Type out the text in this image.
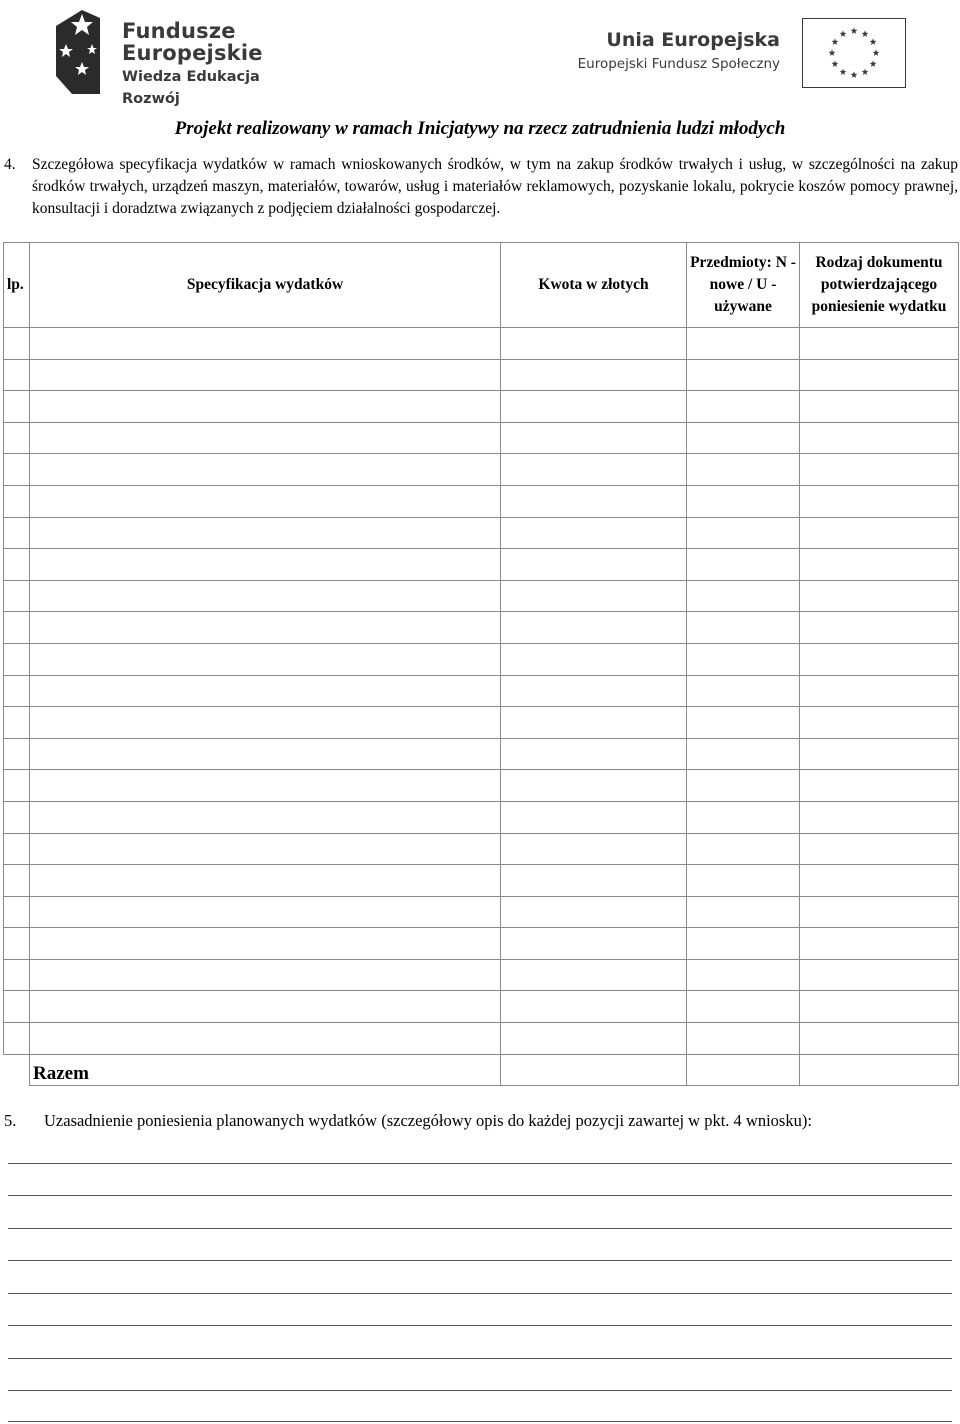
Fundusze
Europejskie
Wiedza Edukacja Rozwój
Unia Europejska
Europejski Fundusz Społeczny
Projekt realizowany w ramach Inicjatywy na rzecz zatrudnienia ludzi młodych
4. Szczegółowa specyfikacja wydatków w ramach wnioskowanych środków, w tym na zakup środków trwałych i usług, w szczególności na zakup środków trwałych, urządzeń maszyn, materiałów, towarów, usług i materiałów reklamowych, pozyskanie lokalu, pokrycie koszów pomocy prawnej, konsultacji i doradztwa związanych z podjęciem działalności gospodarczej.
lp.	Specyfikacja wydatków	Kwota w złotych	Przedmioty: N - nowe / U - używane	Rodzaj dokumentu potwierdzającego poniesienie wydatku

	Razem			
5. Uzasadnienie poniesienia planowanych wydatków (szczegółowy opis do każdej pozycji zawartej w pkt. 4 wniosku):
